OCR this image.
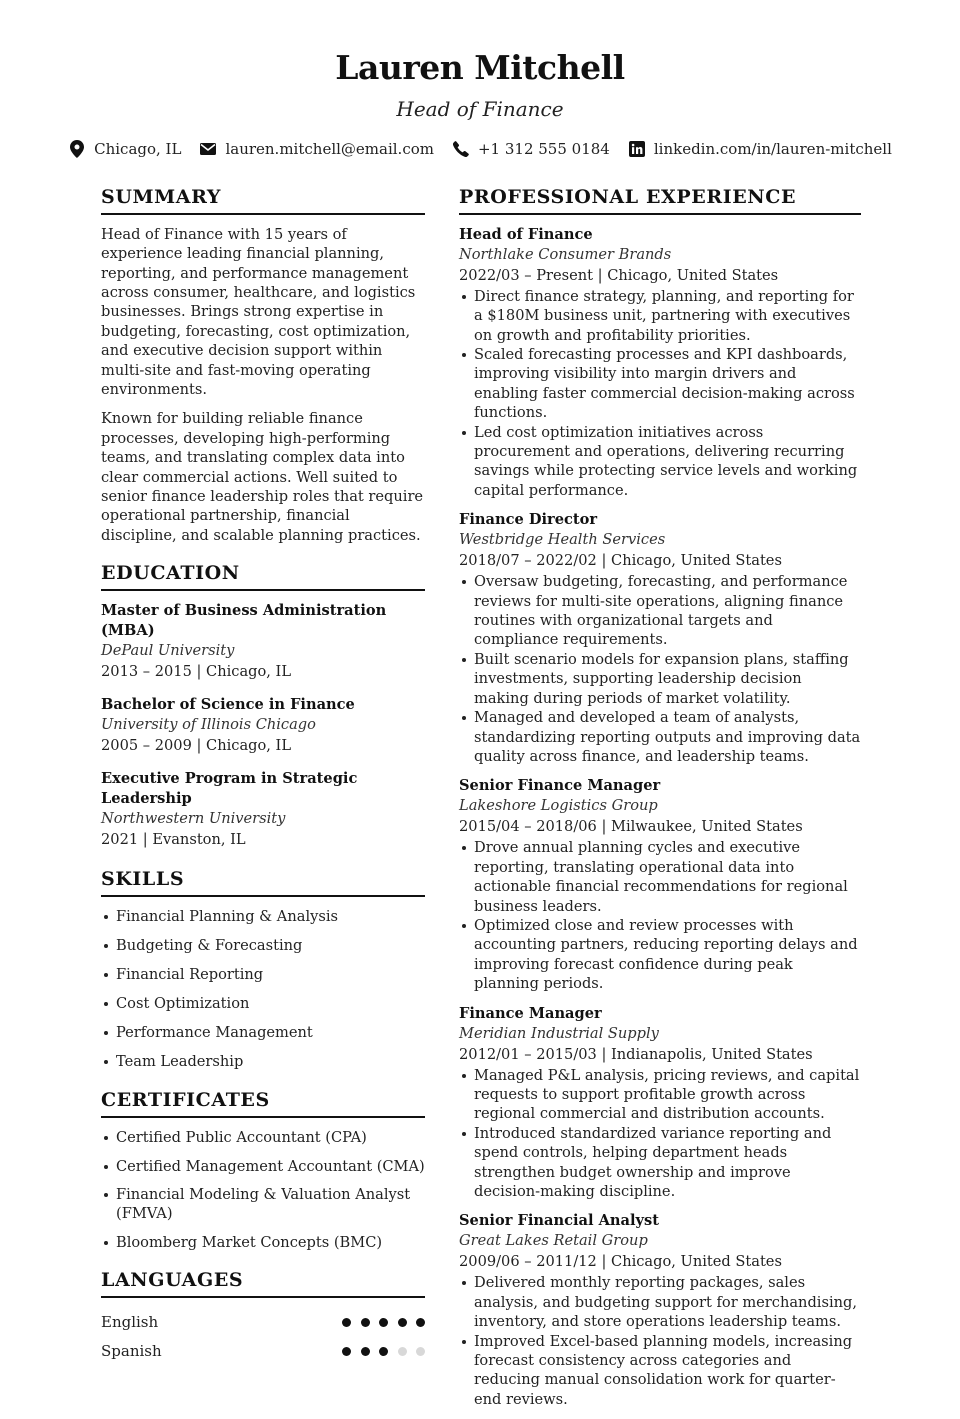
Lauren Mitchell
Head of Finance
Chicago, IL	lauren.mitchell@email.com	+1 312 555 0184	linkedin.com/in/lauren-mitchell
SUMMARY

Head of Finance with 15 years of experience leading financial planning, reporting, and performance management across consumer, healthcare, and logistics businesses. Brings strong expertise in budgeting, forecasting, cost optimization, and executive decision support within multi-site and fast-moving operating environments.

Known for building reliable finance processes, developing high-performing teams, and translating complex data into clear commercial actions. Well suited to senior finance leadership roles that require operational partnership, financial discipline, and scalable planning practices.

EDUCATION
Master of Business Administration (MBA)
DePaul University
2013 – 2015 | Chicago, IL
Bachelor of Science in Finance
University of Illinois Chicago
2005 – 2009 | Chicago, IL
Executive Program in Strategic Leadership
Northwestern University
2021 | Evanston, IL
SKILLS
Financial Planning & Analysis
Budgeting & Forecasting
Financial Reporting
Cost Optimization
Performance Management
Team Leadership
CERTIFICATES
Certified Public Accountant (CPA)
Certified Management Accountant (CMA)
Financial Modeling & Valuation Analyst (FMVA)
Bloomberg Market Concepts (BMC)
LANGUAGES
English
Spanish
PROFESSIONAL EXPERIENCE
Head of Finance
Northlake Consumer Brands
2022/03 – Present | Chicago, United States
Direct finance strategy, planning, and reporting for a $180M business unit, partnering with executives on growth and profitability priorities.
Scaled forecasting processes and KPI dashboards, improving visibility into margin drivers and enabling faster commercial decision-making across functions.
Led cost optimization initiatives across procurement and operations, delivering recurring savings while protecting service levels and working capital performance.
Finance Director
Westbridge Health Services
2018/07 – 2022/02 | Chicago, United States
Oversaw budgeting, forecasting, and performance reviews for multi-site operations, aligning finance routines with organizational targets and compliance requirements.
Built scenario models for expansion plans, staffing investments, supporting leadership decision making during periods of market volatility.
Managed and developed a team of analysts, standardizing reporting outputs and improving data quality across finance, and leadership teams.
Senior Finance Manager
Lakeshore Logistics Group
2015/04 – 2018/06 | Milwaukee, United States
Drove annual planning cycles and executive reporting, translating operational data into actionable financial recommendations for regional business leaders.
Optimized close and review processes with accounting partners, reducing reporting delays and improving forecast confidence during peak planning periods.
Finance Manager
Meridian Industrial Supply
2012/01 – 2015/03 | Indianapolis, United States
Managed P&L analysis, pricing reviews, and capital requests to support profitable growth across regional commercial and distribution accounts.
Introduced standardized variance reporting and spend controls, helping department heads strengthen budget ownership and improve decision-making discipline.
Senior Financial Analyst
Great Lakes Retail Group
2009/06 – 2011/12 | Chicago, United States
Delivered monthly reporting packages, sales analysis, and budgeting support for merchandising, inventory, and store operations leadership teams.
Improved Excel-based planning models, increasing forecast consistency across categories and reducing manual consolidation work for quarter-end reviews.
